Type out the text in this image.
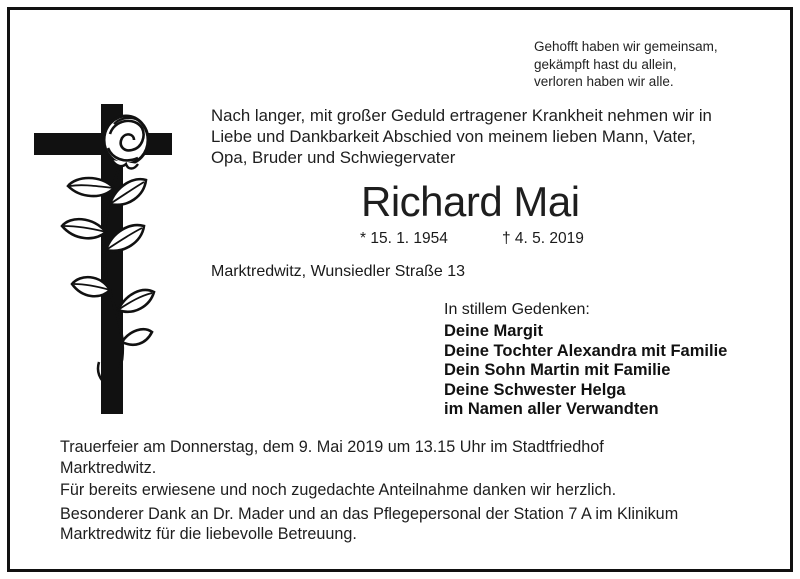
Gehofft haben wir gemeinsam,
gekämpft hast du allein,
verloren haben wir alle.
Nach langer, mit großer Geduld ertragener Krankheit nehmen wir in
Liebe und Dankbarkeit Abschied von meinem lieben Mann, Vater,
Opa, Bruder und Schwiegervater
Richard Mai
* 15. 1. 1954	† 4. 5. 2019
Marktredwitz, Wunsiedler Straße 13
In stillem Gedenken:
Deine Margit
Deine Tochter Alexandra mit Familie
Dein Sohn Martin mit Familie
Deine Schwester Helga
im Namen aller Verwandten

Trauerfeier am Donnerstag, dem 9. Mai 2019 um 13.15 Uhr im Stadtfriedhof
Marktredwitz.

Für bereits erwiesene und noch zugedachte Anteilnahme danken wir herzlich.

Besonderer Dank an Dr. Mader und an das Pflegepersonal der Station 7 A im Klinikum
Marktredwitz für die liebevolle Betreuung.
